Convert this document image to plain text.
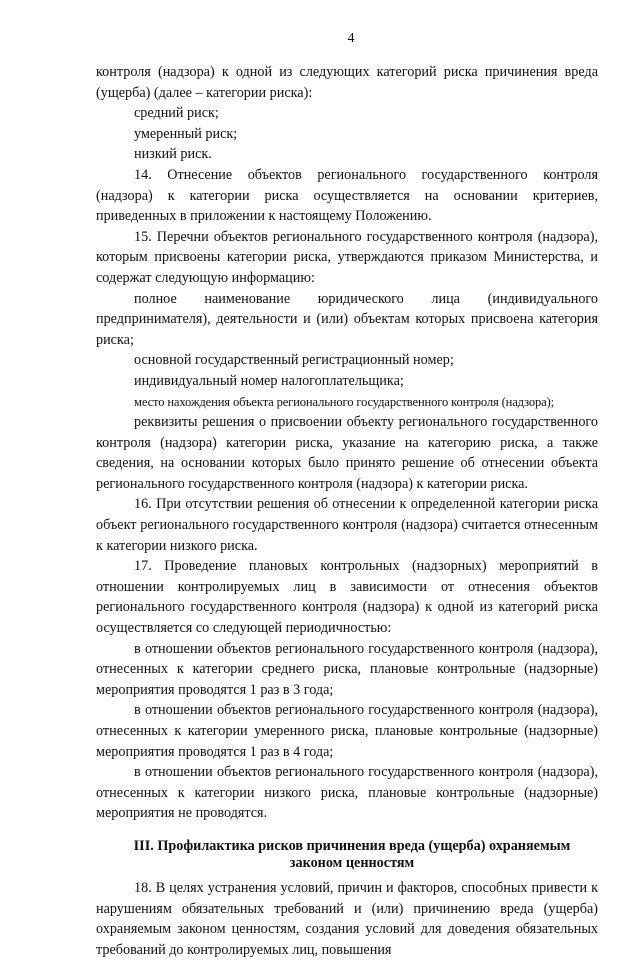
4

контроля (надзора) к одной из следующих категорий риска причинения вреда (ущерба) (далее – категории риска):

средний риск;

умеренный риск;

низкий риск.

14. Отнесение объектов регионального государственного контроля (надзора) к категории риска осуществляется на основании критериев, приведенных в приложении к настоящему Положению.

15. Перечни объектов регионального государственного контроля (надзора), которым присвоены категории риска, утверждаются приказом Министерства, и содержат следующую информацию:

полное наименование юридического лица (индивидуального предпринимателя), деятельности и (или) объектам которых присвоена категория риска;

основной государственный регистрационный номер;

индивидуальный номер налогоплательщика;

место нахождения объекта регионального государственного контроля (надзора);

реквизиты решения о присвоении объекту регионального государственного контроля (надзора) категории риска, указание на категорию риска, а также сведения, на основании которых было принято решение об отнесении объекта регионального государственного контроля (надзора) к категории риска.

16. При отсутствии решения об отнесении к определенной категории риска объект регионального государственного контроля (надзора) считается отнесенным к категории низкого риска.

17. Проведение плановых контрольных (надзорных) мероприятий в отношении контролируемых лиц в зависимости от отнесения объектов регионального государственного контроля (надзора) к одной из категорий риска осуществляется со следующей периодичностью:

в отношении объектов регионального государственного контроля (надзора), отнесенных к категории среднего риска, плановые контрольные (надзорные) мероприятия проводятся 1 раз в 3 года;

в отношении объектов регионального государственного контроля (надзора), отнесенных к категории умеренного риска, плановые контрольные (надзорные) мероприятия проводятся 1 раз в 4 года;

в отношении объектов регионального государственного контроля (надзора), отнесенных к категории низкого риска, плановые контрольные (надзорные) мероприятия не проводятся.

III. Профилактика рисков причинения вреда (ущерба) охраняемым законом ценностям

18. В целях устранения условий, причин и факторов, способных привести к нарушениям обязательных требований и (или) причинению вреда (ущерба) охраняемым законом ценностям, создания условий для доведения обязательных требований до контролируемых лиц, повышения
